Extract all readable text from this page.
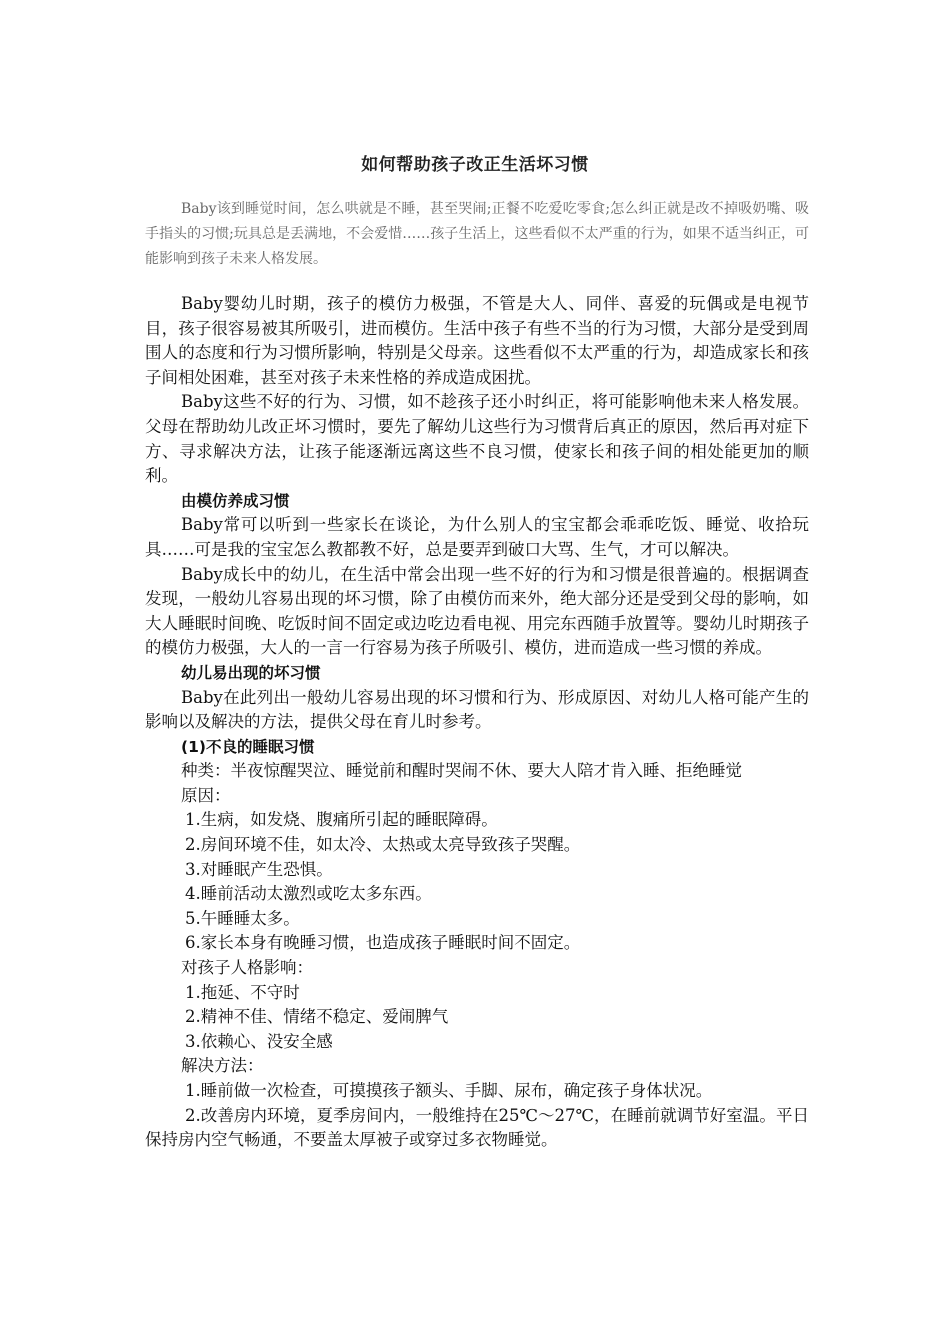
如何帮助孩子改正生活坏习惯

Baby该到睡觉时间，怎么哄就是不睡，甚至哭闹;正餐不吃爱吃零食;怎么纠正就是改不掉吸奶嘴、吸手指头的习惯;玩具总是丢满地，不会爱惜……孩子生活上，这些看似不太严重的行为，如果不适当纠正，可能影响到孩子未来人格发展。

Baby婴幼儿时期，孩子的模仿力极强，不管是大人、同伴、喜爱的玩偶或是电视节目，孩子很容易被其所吸引，进而模仿。生活中孩子有些不当的行为习惯，大部分是受到周围人的态度和行为习惯所影响，特别是父母亲。这些看似不太严重的行为，却造成家长和孩子间相处困难，甚至对孩子未来性格的养成造成困扰。

Baby这些不好的行为、习惯，如不趁孩子还小时纠正，将可能影响他未来人格发展。父母在帮助幼儿改正坏习惯时，要先了解幼儿这些行为习惯背后真正的原因，然后再对症下方、寻求解决方法，让孩子能逐渐远离这些不良习惯，使家长和孩子间的相处能更加的顺利。

由模仿养成习惯

Baby常可以听到一些家长在谈论，为什么别人的宝宝都会乖乖吃饭、睡觉、收拾玩具……可是我的宝宝怎么教都教不好，总是要弄到破口大骂、生气，才可以解决。

Baby成长中的幼儿，在生活中常会出现一些不好的行为和习惯是很普遍的。根据调查发现，一般幼儿容易出现的坏习惯，除了由模仿而来外，绝大部分还是受到父母的影响，如大人睡眠时间晚、吃饭时间不固定或边吃边看电视、用完东西随手放置等。婴幼儿时期孩子的模仿力极强，大人的一言一行容易为孩子所吸引、模仿，进而造成一些习惯的养成。

幼儿易出现的坏习惯

Baby在此列出一般幼儿容易出现的坏习惯和行为、形成原因、对幼儿人格可能产生的影响以及解决的方法，提供父母在育儿时参考。

(1)不良的睡眠习惯

种类：半夜惊醒哭泣、睡觉前和醒时哭闹不休、要大人陪才肯入睡、拒绝睡觉

原因：

1.生病，如发烧、腹痛所引起的睡眠障碍。

2.房间环境不佳，如太冷、太热或太亮导致孩子哭醒。

3.对睡眠产生恐惧。

4.睡前活动太激烈或吃太多东西。

5.午睡睡太多。

6.家长本身有晚睡习惯，也造成孩子睡眠时间不固定。

对孩子人格影响：

1.拖延、不守时

2.精神不佳、情绪不稳定、爱闹脾气

3.依赖心、没安全感

解决方法：

1.睡前做一次检查，可摸摸孩子额头、手脚、尿布，确定孩子身体状况。

2.改善房内环境，夏季房间内，一般维持在25℃～27℃，在睡前就调节好室温。平日保持房内空气畅通，不要盖太厚被子或穿过多衣物睡觉。
